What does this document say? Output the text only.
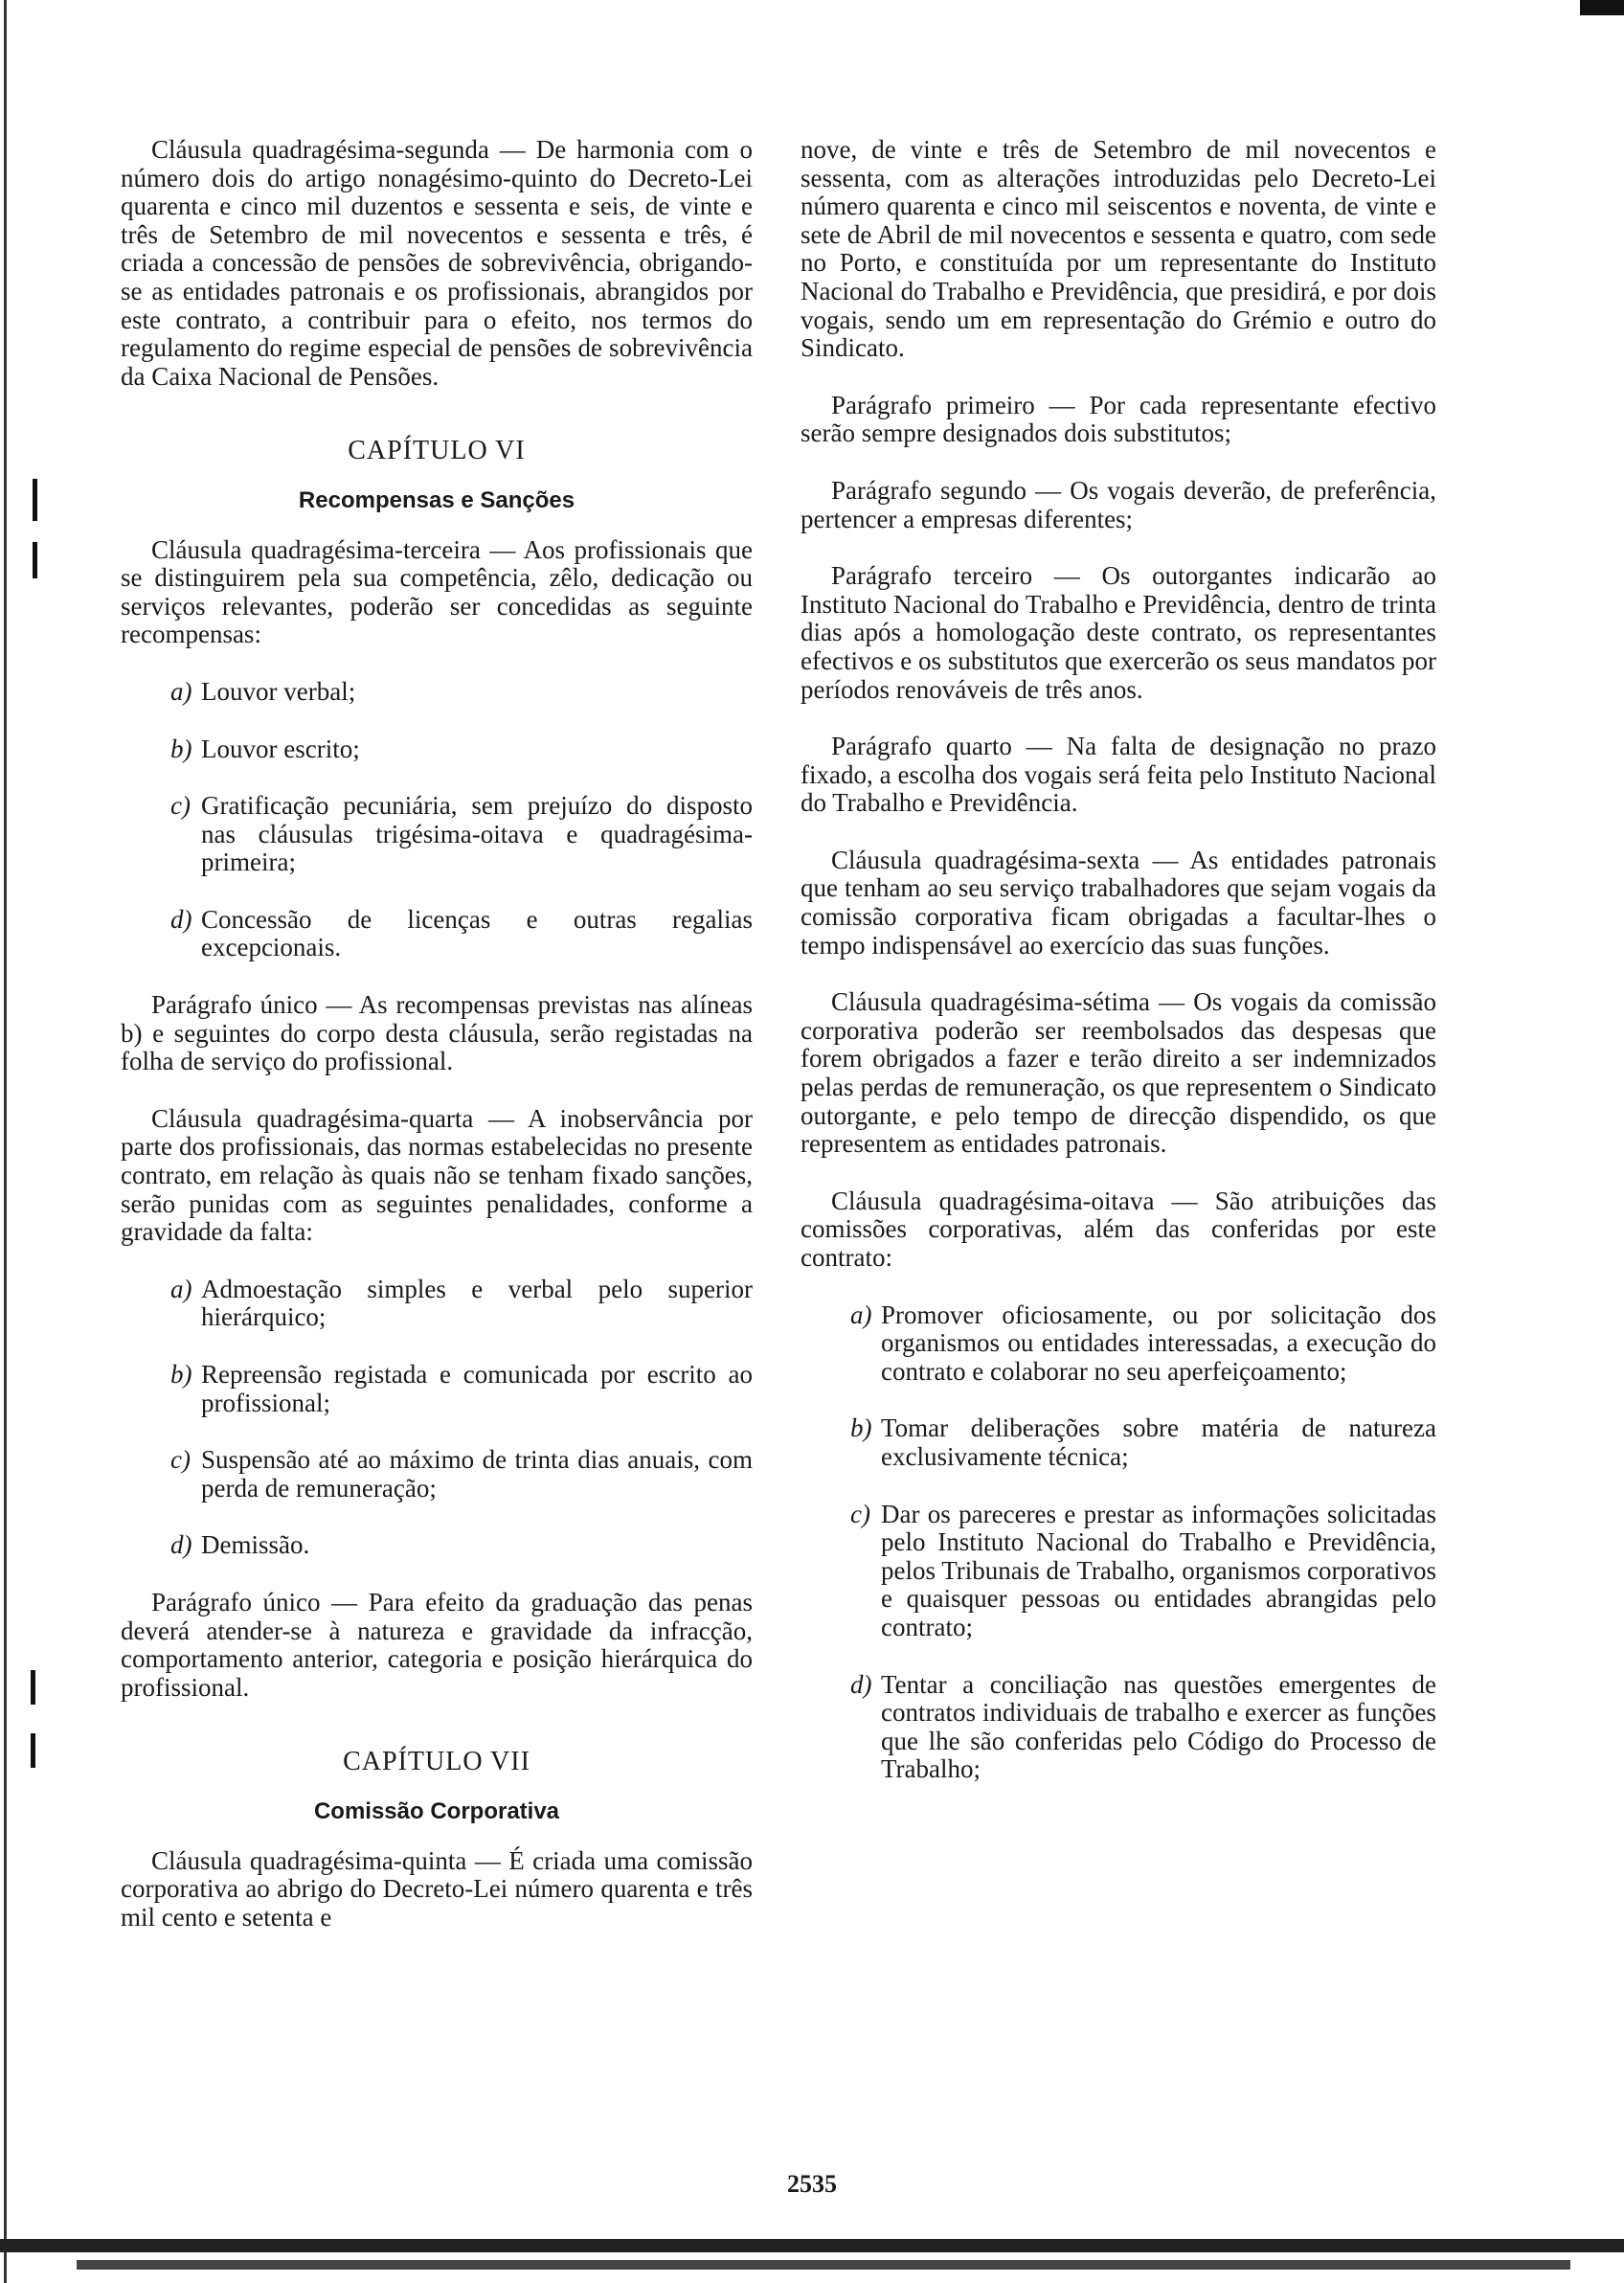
Cláusula quadragésima-segunda — De harmonia com o número dois do artigo nonagésimo-quinto do Decreto-Lei quarenta e cinco mil duzentos e sessenta e seis, de vinte e três de Setembro de mil novecentos e sessenta e três, é criada a concessão de pensões de sobrevivência, obrigando-se as entidades patronais e os profissionais, abrangidos por este contrato, a contribuir para o efeito, nos termos do regulamento do regime especial de pensões de sobrevivência da Caixa Nacional de Pensões.

CAPÍTULO VI
Recompensas e Sanções

Cláusula quadragésima-terceira — Aos profissionais que se distinguirem pela sua competência, zêlo, dedicação ou serviços relevantes, poderão ser concedidas as seguinte recompensas:

a) Louvor verbal;
b) Louvor escrito;
c) Gratificação pecuniária, sem prejuízo do disposto nas cláusulas trigésima-oitava e quadragésima-primeira;
d) Concessão de licenças e outras regalias excepcionais.

Parágrafo único — As recompensas previstas nas alíneas b) e seguintes do corpo desta cláusula, serão registadas na folha de serviço do profissional.

Cláusula quadragésima-quarta — A inobservância por parte dos profissionais, das normas estabelecidas no presente contrato, em relação às quais não se tenham fixado sanções, serão punidas com as seguintes penalidades, conforme a gravidade da falta:

a) Admoestação simples e verbal pelo superior hierárquico;
b) Repreensão registada e comunicada por escrito ao profissional;
c) Suspensão até ao máximo de trinta dias anuais, com perda de remuneração;
d) Demissão.

Parágrafo único — Para efeito da graduação das penas deverá atender-se à natureza e gravidade da infracção, comportamento anterior, categoria e posição hierárquica do profissional.

CAPÍTULO VII
Comissão Corporativa

Cláusula quadragésima-quinta — É criada uma comissão corporativa ao abrigo do Decreto-Lei número quarenta e três mil cento e setenta e

nove, de vinte e três de Setembro de mil novecentos e sessenta, com as alterações introduzidas pelo Decreto-Lei número quarenta e cinco mil seiscentos e noventa, de vinte e sete de Abril de mil novecentos e sessenta e quatro, com sede no Porto, e constituída por um representante do Instituto Nacional do Trabalho e Previdência, que presidirá, e por dois vogais, sendo um em representação do Grémio e outro do Sindicato.

Parágrafo primeiro — Por cada representante efectivo serão sempre designados dois substitutos;

Parágrafo segundo — Os vogais deverão, de preferência, pertencer a empresas diferentes;

Parágrafo terceiro — Os outorgantes indicarão ao Instituto Nacional do Trabalho e Previdência, dentro de trinta dias após a homologação deste contrato, os representantes efectivos e os substitutos que exercerão os seus mandatos por períodos renováveis de três anos.

Parágrafo quarto — Na falta de designação no prazo fixado, a escolha dos vogais será feita pelo Instituto Nacional do Trabalho e Previdência.

Cláusula quadragésima-sexta — As entidades patronais que tenham ao seu serviço trabalhadores que sejam vogais da comissão corporativa ficam obrigadas a facultar-lhes o tempo indispensável ao exercício das suas funções.

Cláusula quadragésima-sétima — Os vogais da comissão corporativa poderão ser reembolsados das despesas que forem obrigados a fazer e terão direito a ser indemnizados pelas perdas de remuneração, os que representem o Sindicato outorgante, e pelo tempo de direcção dispendido, os que representem as entidades patronais.

Cláusula quadragésima-oitava — São atribuições das comissões corporativas, além das conferidas por este contrato:

a) Promover oficiosamente, ou por solicitação dos organismos ou entidades interessadas, a execução do contrato e colaborar no seu aperfeiçoamento;
b) Tomar deliberações sobre matéria de natureza exclusivamente técnica;
c) Dar os pareceres e prestar as informações solicitadas pelo Instituto Nacional do Trabalho e Previdência, pelos Tribunais de Trabalho, organismos corporativos e quaisquer pessoas ou entidades abrangidas pelo contrato;
d) Tentar a conciliação nas questões emergentes de contratos individuais de trabalho e exercer as funções que lhe são conferidas pelo Código do Processo de Trabalho;
2535
